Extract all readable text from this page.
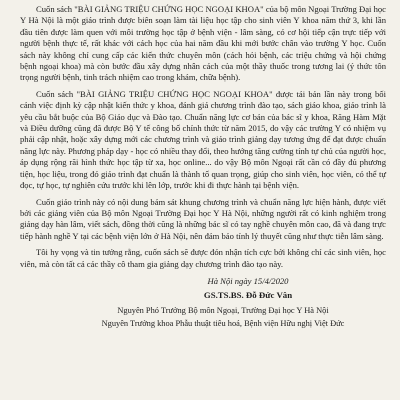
Cuốn sách "BÀI GIẢNG TRIỆU CHỨNG HỌC NGOẠI KHOA" của bộ môn Ngoại Trường Đại học Y Hà Nội là một giáo trình được biên soạn làm tài liệu học tập cho sinh viên Y khoa năm thứ 3, khi lần đầu tiên được làm quen với môi trường học tập ở bệnh viện - lâm sàng, có cơ hội tiếp cận trực tiếp với người bệnh thực tế, rất khác với cách học của hai năm đầu khi mới bước chân vào trường Y học. Cuốn sách này không chỉ cung cấp các kiến thức chuyên môn (cách hỏi bệnh, các triệu chứng và hội chứng bệnh ngoại khoa) mà còn bước đầu xây dựng nhân cách của một thầy thuốc trong tương lai (ý thức tôn trọng người bệnh, tinh trách nhiệm cao trong khám, chữa bệnh).

Cuốn sách "BÀI GIẢNG TRIỆU CHỨNG HỌC NGOẠI KHOA" được tái bản lần này trong bối cảnh việc định kỳ cập nhật kiến thức y khoa, đánh giá chương trình đào tạo, sách giáo khoa, giáo trình là yêu cầu bắt buộc của Bộ Giáo dục và Đào tạo. Chuẩn năng lực cơ bản của bác sĩ y khoa, Răng Hàm Mặt và Điều dưỡng cũng đã được Bộ Y tế công bố chính thức từ năm 2015, do vậy các trường Y có nhiệm vụ phải cập nhật, hoặc xây dựng mới các chương trình và giáo trình giảng dạy tương ứng để đạt được chuẩn năng lực này. Phương pháp dạy - học có nhiều thay đổi, theo hướng tăng cường tính tự chủ của người học, áp dụng rộng rãi hình thức học tập từ xa, học online... do vậy Bộ môn Ngoại rất cần có đầy đủ phương tiện, học liệu, trong đó giáo trình đạt chuẩn là thành tố quan trọng, giúp cho sinh viên, học viên, có thể tự đọc, tự học, tự nghiên cứu trước khi lên lớp, trước khi đi thực hành tại bệnh viện.

Cuốn giáo trình này có nội dung bám sát khung chương trình và chuẩn năng lực hiện hành, được viết bởi các giảng viên của Bộ môn Ngoại Trường Đại học Y Hà Nội, những người rất có kinh nghiệm trong giảng dạy hàn lâm, viết sách, đồng thời cũng là những bác sĩ có tay nghề chuyên môn cao, đã và đang trực tiếp hành nghề Y tại các bệnh viện lớn ở Hà Nội, nên đảm bảo tính lý thuyết cũng như thực tiễn lâm sàng.

Tôi hy vọng và tin tưởng rằng, cuốn sách sẽ được đón nhận tích cực bởi không chỉ các sinh viên, học viên, mà còn tất cả các thầy cô tham gia giảng dạy chương trình đào tạo này.

Hà Nội ngày 15/4/2020
GS.TS.BS. Đỗ Đức Vân
Nguyên Phó Trưởng Bộ môn Ngoại, Trường Đại học Y Hà Nội
Nguyên Trưởng khoa Phẫu thuật tiêu hoá, Bệnh viện Hữu nghị Việt Đức
